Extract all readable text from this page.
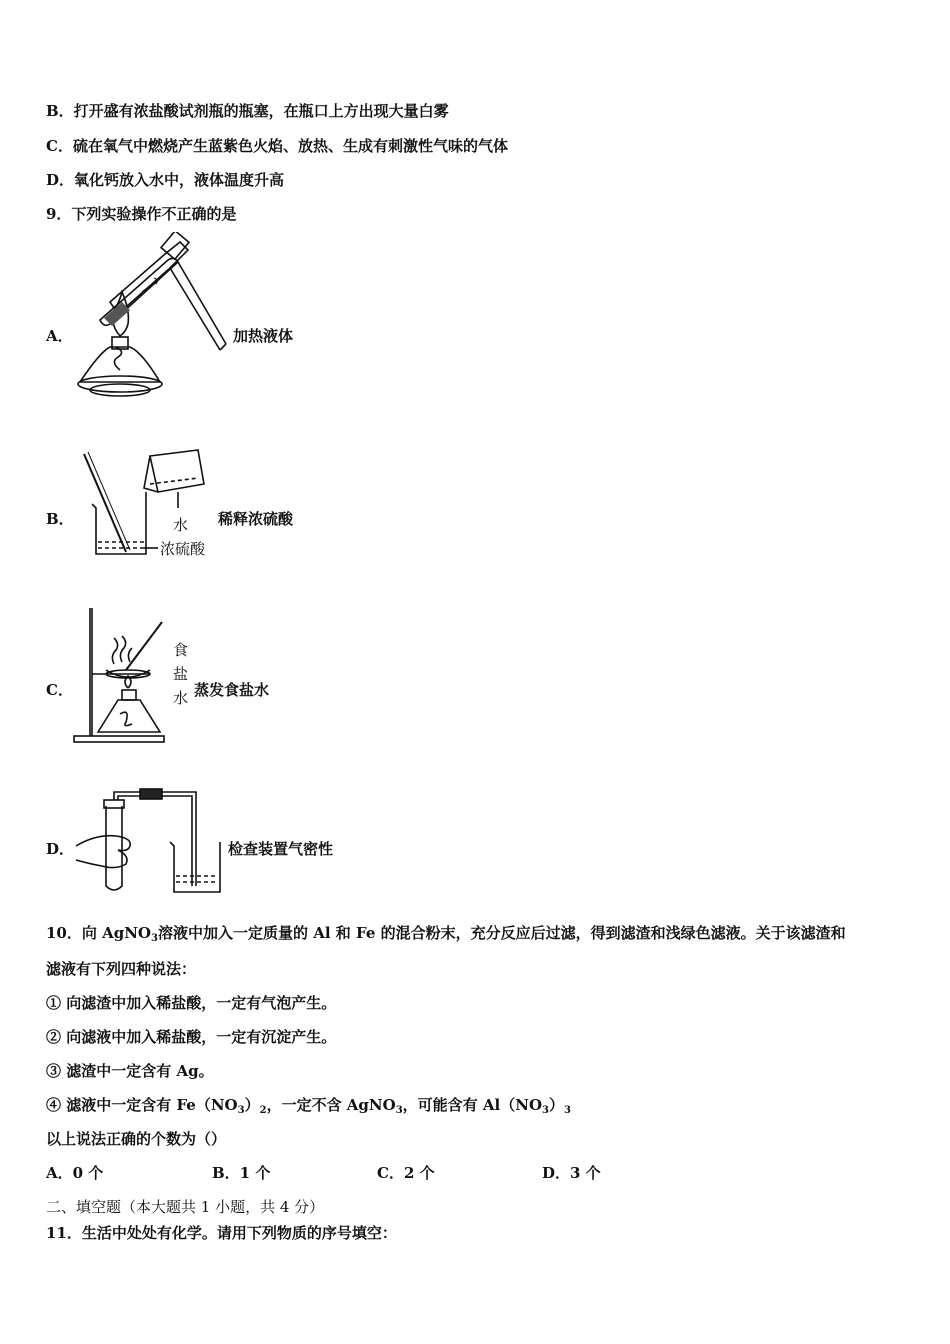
B．打开盛有浓盐酸试剂瓶的瓶塞，在瓶口上方出现大量白雾
C．硫在氧气中燃烧产生蓝紫色火焰、放热、生成有刺激性气味的气体
D．氧化钙放入水中，液体温度升高
9．下列实验操作不正确的是
A．	加热液体
B．	水
浓硫酸
稀释浓硫酸
C．
食
盐
水 蒸发食盐水
D．	检查装置气密性
10．向 AgNO$_3$溶液中加入一定质量的 Al 和 Fe 的混合粉末，充分反应后过滤，得到滤渣和浅绿色滤液。关于该滤渣和
滤液有下列四种说法：
① 向滤渣中加入稀盐酸，一定有气泡产生。
② 向滤液中加入稀盐酸，一定有沉淀产生。
③ 滤渣中一定含有 Ag。
④ 滤液中一定含有 $Fe(NO_3)_2$，一定不含 AgNO$_3$，可能含有 $Al(NO_3)_3$
以上说法正确的个数为（）
A．0 个	B．1 个	C．2 个	D．3 个
二、填空题（本大题共 1 小题，共 4 分）
11．生活中处处有化学。请用下列物质的序号填空：
